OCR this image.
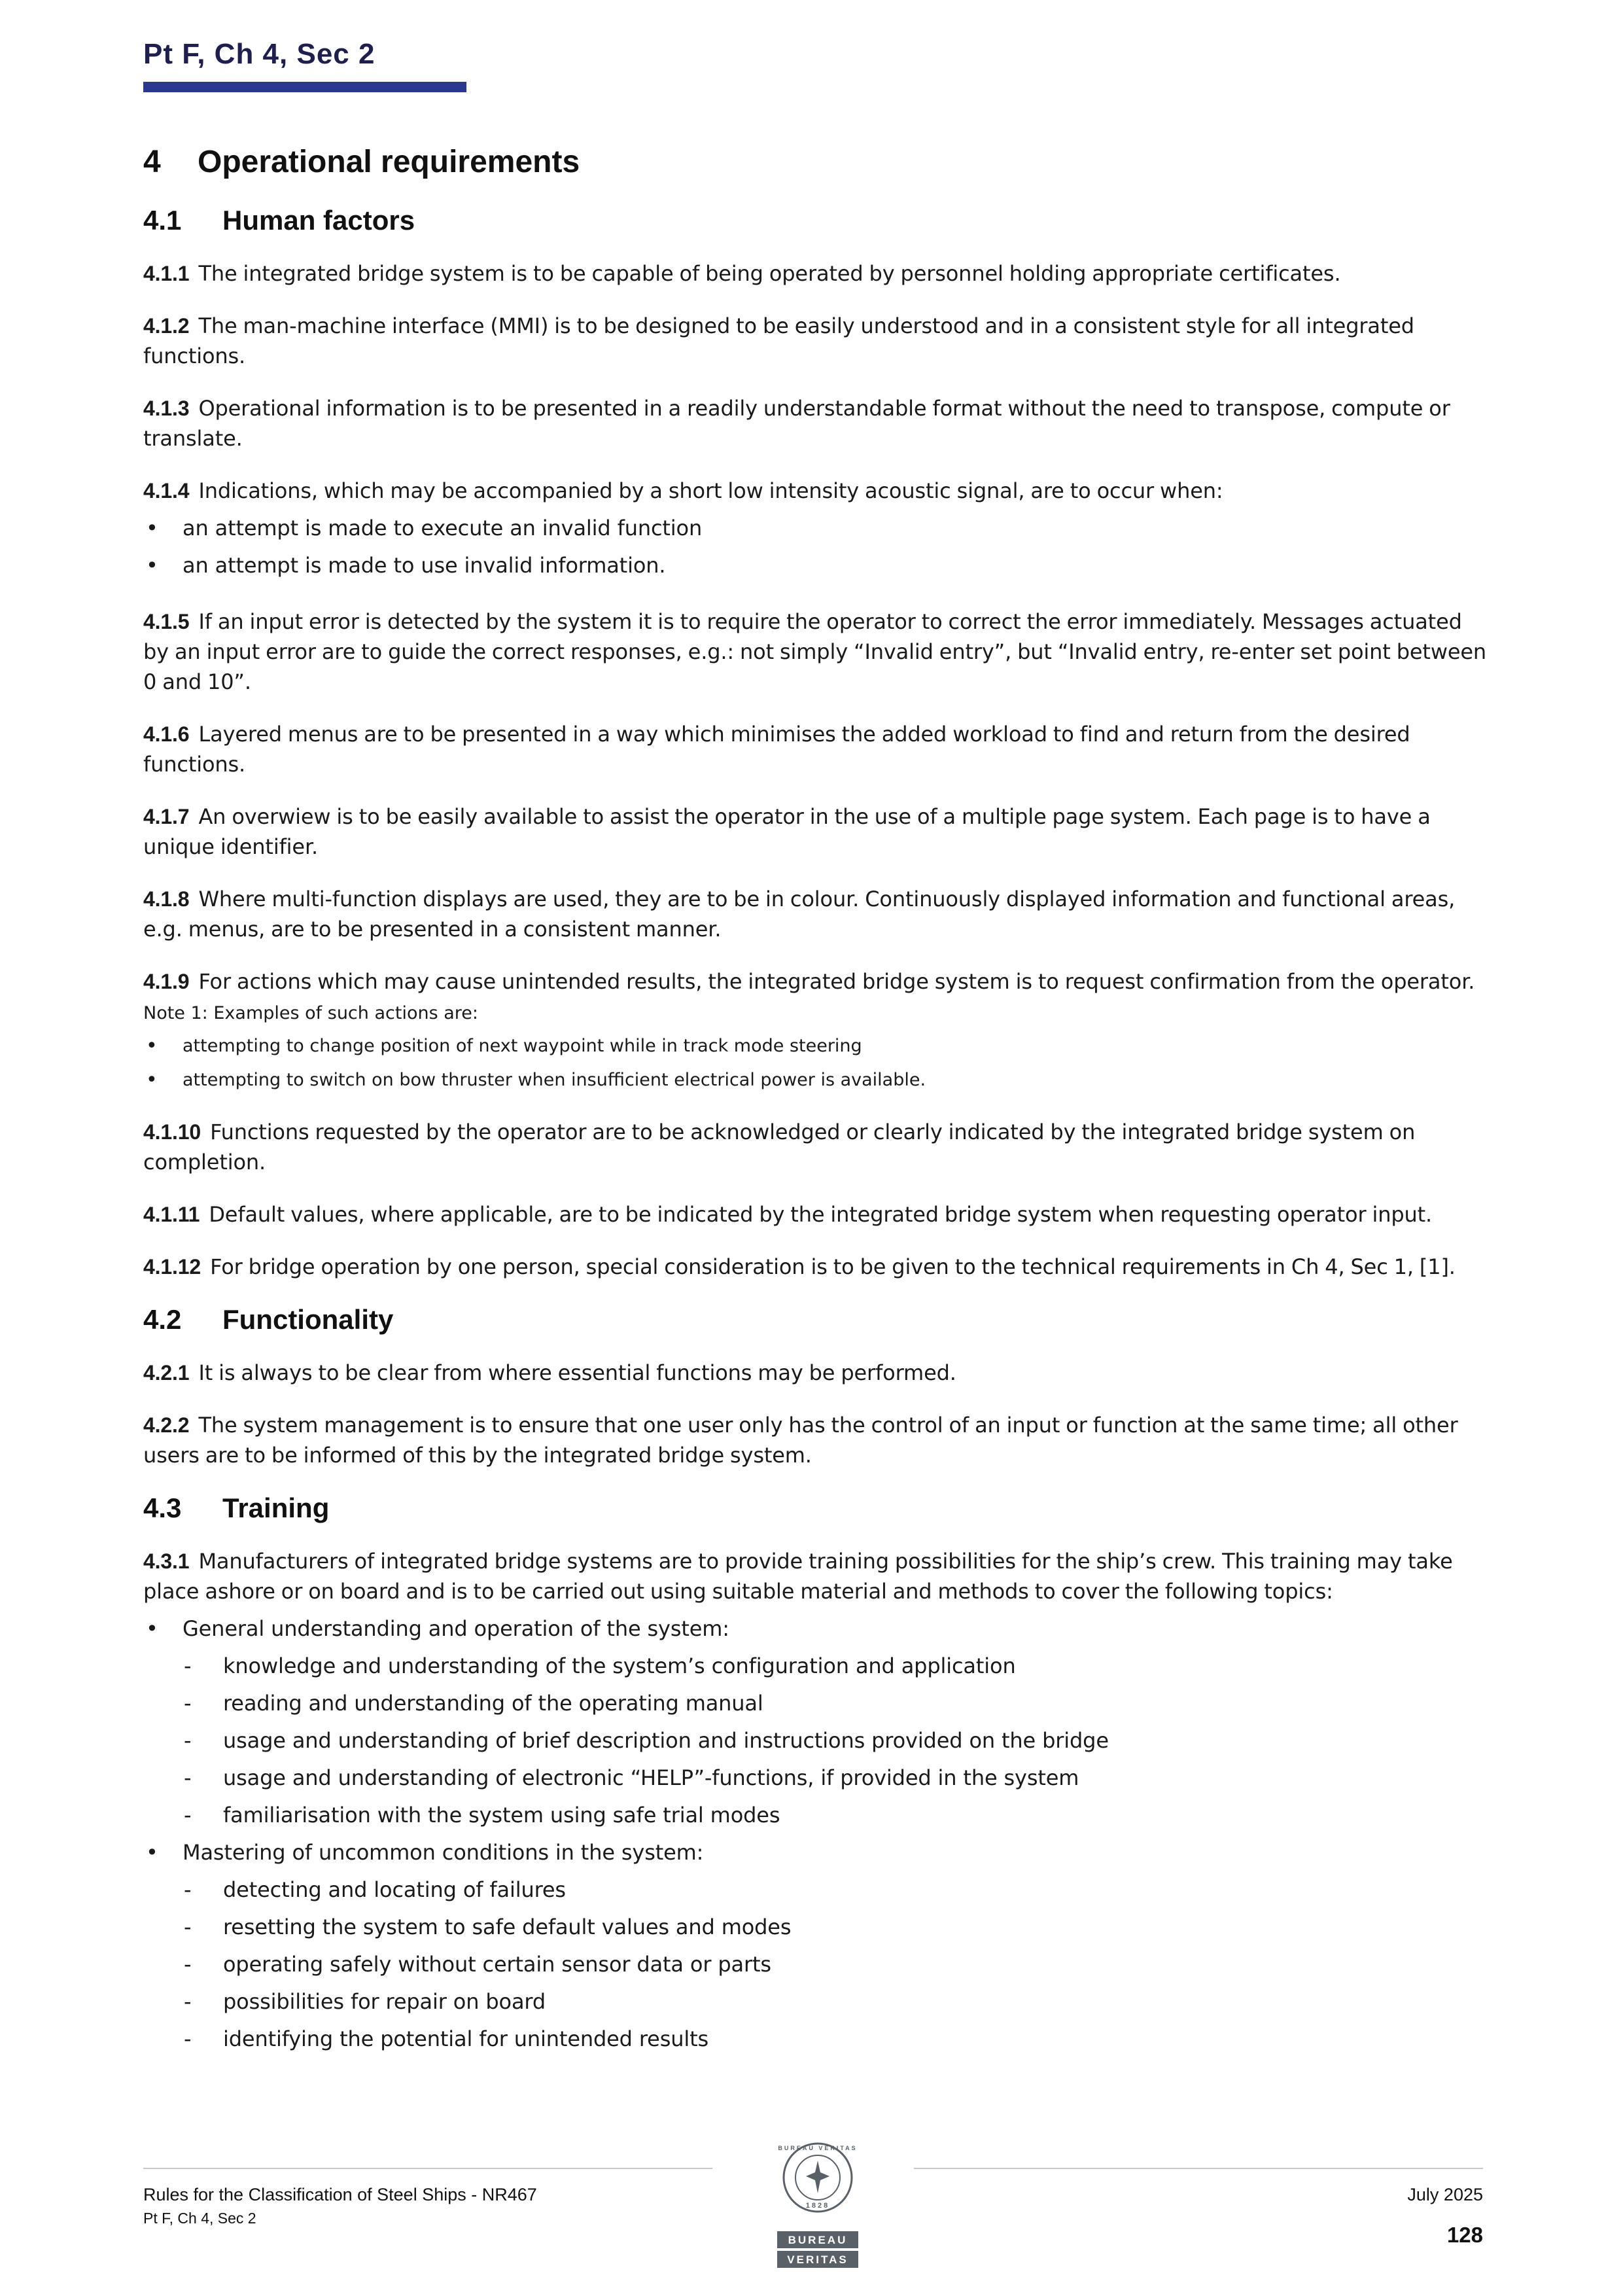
Pt F, Ch 4, Sec 2
4	Operational requirements
4.1	Human factors

4.1.1 The integrated bridge system is to be capable of being operated by personnel holding appropriate certificates.

4.1.2 The man-machine interface (MMI) is to be designed to be easily understood and in a consistent style for all integrated functions.

4.1.3 Operational information is to be presented in a readily understandable format without the need to transpose, compute or translate.

4.1.4 Indications, which may be accompanied by a short low intensity acoustic signal, are to occur when:

• an attempt is made to execute an invalid function
• an attempt is made to use invalid information.

4.1.5 If an input error is detected by the system it is to require the operator to correct the error immediately. Messages actuated by an input error are to guide the correct responses, e.g.: not simply “Invalid entry”, but “Invalid entry, re-enter set point between 0 and 10”.

4.1.6 Layered menus are to be presented in a way which minimises the added workload to find and return from the desired functions.

4.1.7 An overwiew is to be easily available to assist the operator in the use of a multiple page system. Each page is to have a unique identifier.

4.1.8 Where multi-function displays are used, they are to be in colour. Continuously displayed information and functional areas, e.g. menus, are to be presented in a consistent manner.

4.1.9 For actions which may cause unintended results, the integrated bridge system is to request confirmation from the operator.

Note 1: Examples of such actions are:

• attempting to change position of next waypoint while in track mode steering
• attempting to switch on bow thruster when insufficient electrical power is available.

4.1.10 Functions requested by the operator are to be acknowledged or clearly indicated by the integrated bridge system on completion.

4.1.11 Default values, where applicable, are to be indicated by the integrated bridge system when requesting operator input.

4.1.12 For bridge operation by one person, special consideration is to be given to the technical requirements in Ch 4, Sec 1, [1].

4.2	Functionality

4.2.1 It is always to be clear from where essential functions may be performed.

4.2.2 The system management is to ensure that one user only has the control of an input or function at the same time; all other users are to be informed of this by the integrated bridge system.

4.3	Training

4.3.1 Manufacturers of integrated bridge systems are to provide training possibilities for the ship’s crew. This training may take place ashore or on board and is to be carried out using suitable material and methods to cover the following topics:

• General understanding and operation of the system:
- knowledge and understanding of the system’s configuration and application
- reading and understanding of the operating manual
- usage and understanding of brief description and instructions provided on the bridge
- usage and understanding of electronic “HELP”-functions, if provided in the system
- familiarisation with the system using safe trial modes
• Mastering of uncommon conditions in the system:
- detecting and locating of failures
- resetting the system to safe default values and modes
- operating safely without certain sensor data or parts
- possibilities for repair on board
- identifying the potential for unintended results
Rules for the Classification of Steel Ships - NR467
Pt F, Ch 4, Sec 2
July 2025
128
BUREAU VERITAS
1828
BUREAU
VERITAS
